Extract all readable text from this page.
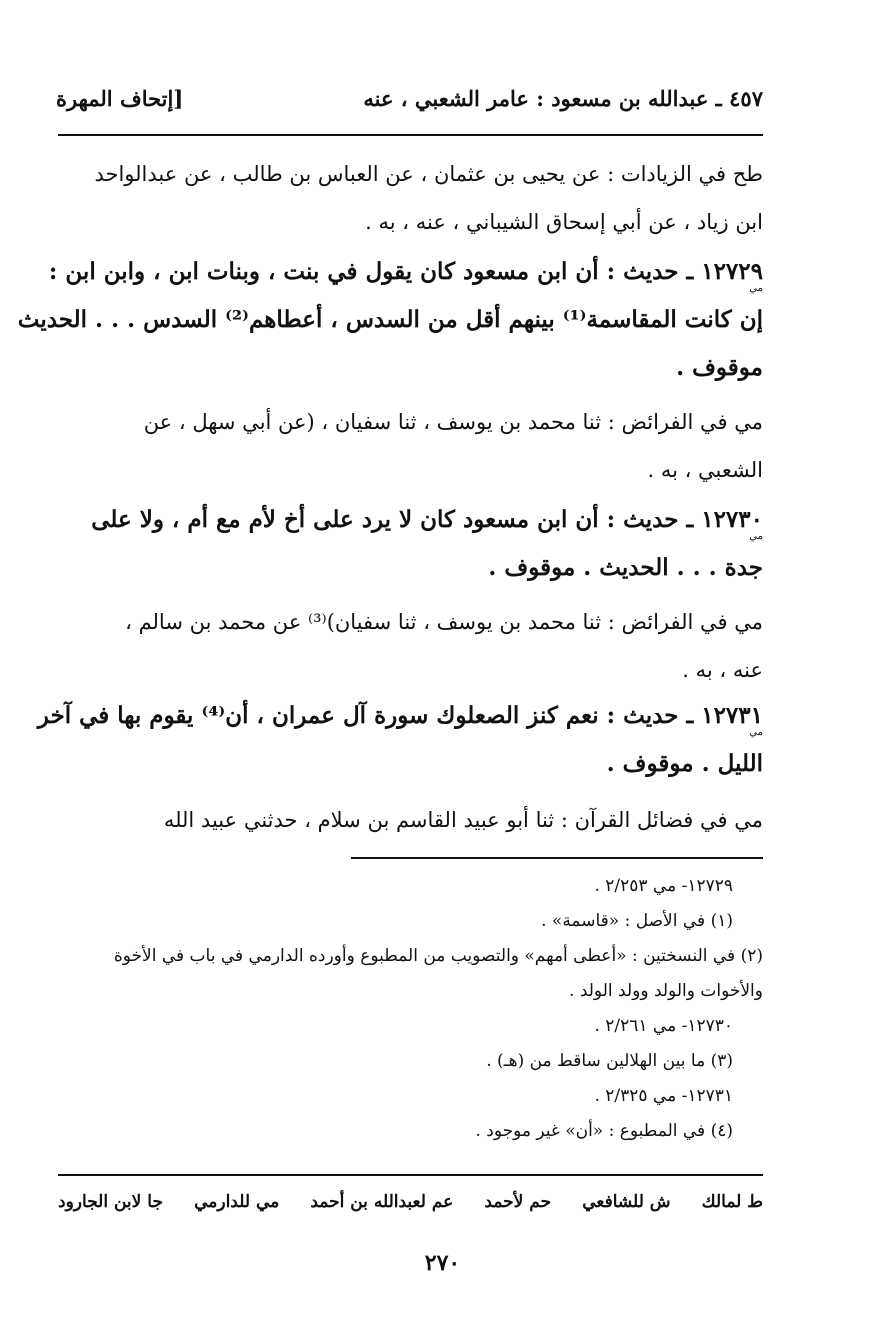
٤٥٧ ـ عبدالله بن مسعود : عامر الشعبي ، عنه
[إتحاف المهرة
طح في الزيادات : عن يحيى بن عثمان ، عن العباس بن طالب ، عن عبدالواحد
ابن زياد ، عن أبي إسحاق الشيباني ، عنه ، به .
١٢٧٢٩ ـ حديث : أن ابن مسعود كان يقول في بنت ، وبنات ابن ، وابن ابن :
إن كانت المقاسمة⁽¹⁾ بينهم أقل من السدس ، أعطاهم⁽²⁾ السدس . . . الحديث
موقوف .
مي
مي في الفرائض : ثنا محمد بن يوسف ، ثنا سفيان ، (عن أبي سهل ، عن
الشعبي ، به .
١٢٧٣٠ ـ حديث : أن ابن مسعود كان لا يرد على أخ لأم مع أم ، ولا على
جدة . . . الحديث . موقوف .
مي
مي في الفرائض : ثنا محمد بن يوسف ، ثنا سفيان)⁽³⁾ عن محمد بن سالم ،
عنه ، به .
١٢٧٣١ ـ حديث : نعم كنز الصعلوك سورة آل عمران ، أن⁽⁴⁾ يقوم بها في آخر
الليل . موقوف .
مي
مي في فضائل القرآن : ثنا أبو عبيد القاسم بن سلام ، حدثني عبيد الله
١٢٧٢٩- مي ٢/٢٥٣ .
(١) في الأصل : «قاسمة» .
(٢) في النسختين : «أعطى أمهم» والتصويب من المطبوع وأورده الدارمي في باب في الأخوة
والأخوات والولد وولد الولد .
١٢٧٣٠- مي ٢/٢٦١ .
(٣) ما بين الهلالين ساقط من (هـ) .
١٢٧٣١- مي ٢/٣٢٥ .
(٤) في المطبوع : «أن» غير موجود .
ط لمالك
ش للشافعي
حم لأحمد
عم لعبدالله بن أحمد
مي للدارمي
جا لابن الجارود
٢٧٠
